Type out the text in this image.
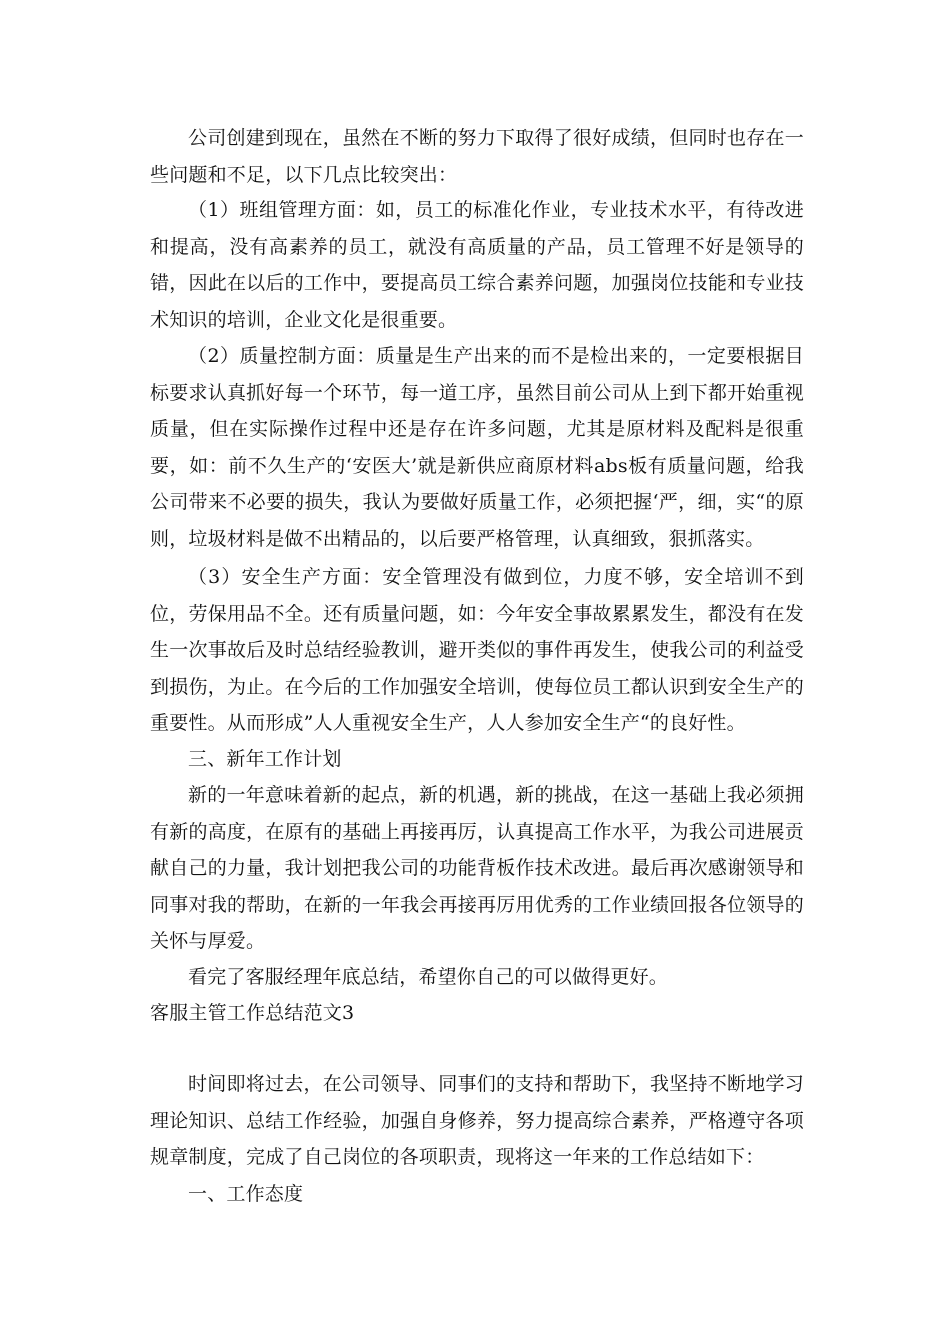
公司创建到现在，虽然在不断的努力下取得了很好成绩，但同时也存在一些问题和不足，以下几点比较突出：

（1）班组管理方面：如，员工的标准化作业，专业技术水平，有待改进和提高，没有高素养的员工，就没有高质量的产品，员工管理不好是领导的错，因此在以后的工作中，要提高员工综合素养问题，加强岗位技能和专业技术知识的培训，企业文化是很重要。

（2）质量控制方面：质量是生产出来的而不是检出来的，一定要根据目标要求认真抓好每一个环节，每一道工序，虽然目前公司从上到下都开始重视质量，但在实际操作过程中还是存在许多问题，尤其是原材料及配料是很重要，如：前不久生产的‘安医大’就是新供应商原材料abs板有质量问题，给我公司带来不必要的损失，我认为要做好质量工作，必须把握‘严，细，实“的原则，垃圾材料是做不出精品的，以后要严格管理，认真细致，狠抓落实。

（3）安全生产方面：安全管理没有做到位，力度不够，安全培训不到位，劳保用品不全。还有质量问题，如：今年安全事故累累发生，都没有在发生一次事故后及时总结经验教训，避开类似的事件再发生，使我公司的利益受到损伤，为止。在今后的工作加强安全培训，使每位员工都认识到安全生产的重要性。从而形成”人人重视安全生产，人人参加安全生产“的良好性。

三、新年工作计划

新的一年意味着新的起点，新的机遇，新的挑战，在这一基础上我必须拥有新的高度，在原有的基础上再接再厉，认真提高工作水平，为我公司进展贡献自己的力量，我计划把我公司的功能背板作技术改进。最后再次感谢领导和同事对我的帮助，在新的一年我会再接再厉用优秀的工作业绩回报各位领导的关怀与厚爱。

看完了客服经理年底总结，希望你自己的可以做得更好。

客服主管工作总结范文3

时间即将过去，在公司领导、同事们的支持和帮助下，我坚持不断地学习理论知识、总结工作经验，加强自身修养，努力提高综合素养，严格遵守各项规章制度，完成了自己岗位的各项职责，现将这一年来的工作总结如下：

一、工作态度
